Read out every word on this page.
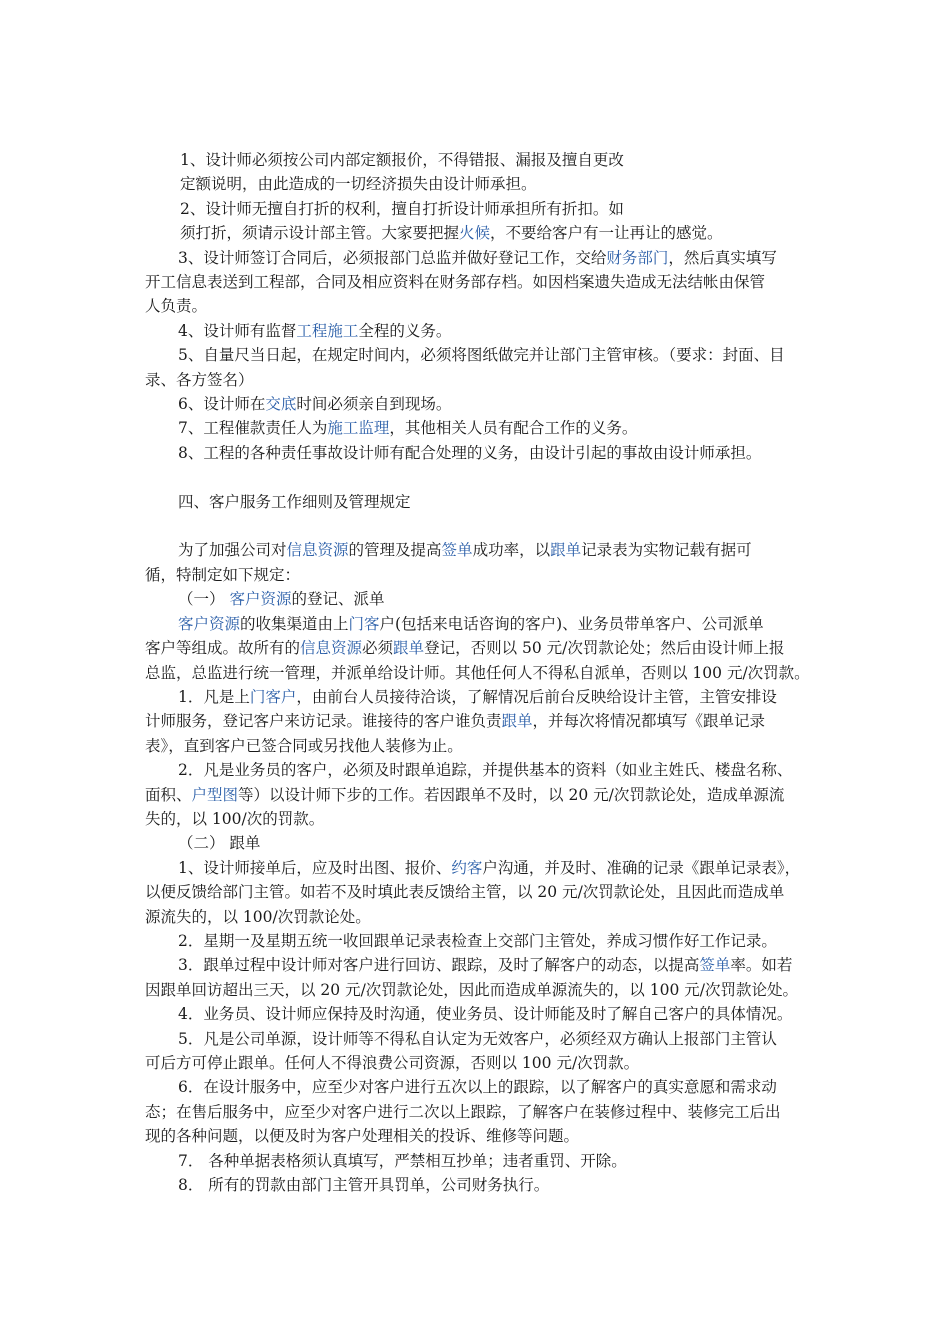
1、设计师必须按公司内部定额报价，不得错报、漏报及擅自更改

定额说明，由此造成的一切经济损失由设计师承担。

2、设计师无擅自打折的权利，擅自打折设计师承担所有折扣。如

须打折，须请示设计部主管。大家要把握火候，不要给客户有一让再让的感觉。

3、设计师签订合同后，必须报部门总监并做好登记工作，交给财务部门，然后真实填写

开工信息表送到工程部，合同及相应资料在财务部存档。如因档案遗失造成无法结帐由保管

人负责。

4、设计师有监督工程施工全程的义务。

5、自量尺当日起，在规定时间内，必须将图纸做完并让部门主管审核。（要求：封面、目

录、各方签名）

6、设计师在交底时间必须亲自到现场。

7、工程催款责任人为施工监理，其他相关人员有配合工作的义务。

8、工程的各种责任事故设计师有配合处理的义务，由设计引起的事故由设计师承担。

四、客户服务工作细则及管理规定

为了加强公司对信息资源的管理及提高签单成功率，以跟单记录表为实物记载有据可

循，特制定如下规定：

（一） 客户资源的登记、派单

客户资源的收集渠道由上门客户(包括来电话咨询的客户)、业务员带单客户、公司派单

客户等组成。故所有的信息资源必须跟单登记，否则以 50 元/次罚款论处；然后由设计师上报

总监，总监进行统一管理，并派单给设计师。其他任何人不得私自派单，否则以 100 元/次罚款。

1．凡是上门客户，由前台人员接待洽谈，了解情况后前台反映给设计主管，主管安排设

计师服务，登记客户来访记录。谁接待的客户谁负责跟单，并每次将情况都填写《跟单记录

表》，直到客户已签合同或另找他人装修为止。

2．凡是业务员的客户，必须及时跟单追踪，并提供基本的资料（如业主姓氏、楼盘名称、

面积、户型图等）以设计师下步的工作。若因跟单不及时，以 20 元/次罚款论处，造成单源流

失的，以 100/次的罚款。

（二） 跟单

1、设计师接单后，应及时出图、报价、约客户沟通，并及时、准确的记录《跟单记录表》，

以便反馈给部门主管。如若不及时填此表反馈给主管，以 20 元/次罚款论处，且因此而造成单

源流失的，以 100/次罚款论处。

2．星期一及星期五统一收回跟单记录表检查上交部门主管处，养成习惯作好工作记录。

3．跟单过程中设计师对客户进行回访、跟踪，及时了解客户的动态，以提高签单率。如若

因跟单回访超出三天，以 20 元/次罚款论处，因此而造成单源流失的，以 100 元/次罚款论处。

4．业务员、设计师应保持及时沟通，使业务员、设计师能及时了解自己客户的具体情况。

5．凡是公司单源，设计师等不得私自认定为无效客户，必须经双方确认上报部门主管认

可后方可停止跟单。任何人不得浪费公司资源，否则以 100 元/次罚款。

6．在设计服务中，应至少对客户进行五次以上的跟踪，以了解客户的真实意愿和需求动

态；在售后服务中，应至少对客户进行二次以上跟踪，了解客户在装修过程中、装修完工后出

现的各种问题，以便及时为客户处理相关的投诉、维修等问题。

7． 各种单据表格须认真填写，严禁相互抄单；违者重罚、开除。

8． 所有的罚款由部门主管开具罚单，公司财务执行。
